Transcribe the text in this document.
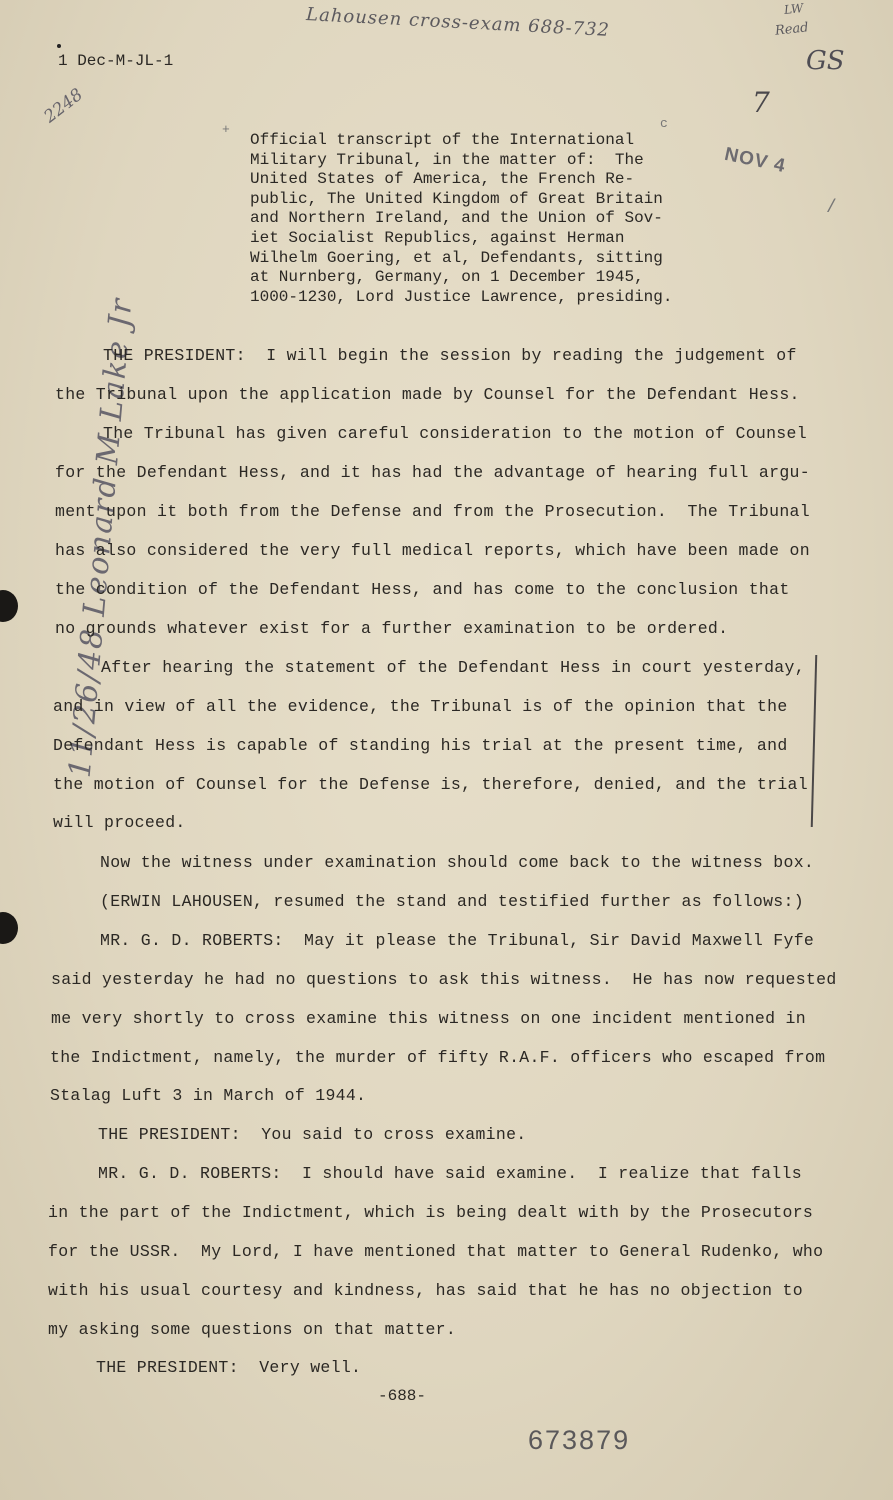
1 Dec-M-JL-1
Lahousen cross-exam 688-732
2248
LW
Read
GS
7
11/26/48 Leonard M Lake Jr
NOV 4
+	c
/
Official transcript of the International
Military Tribunal, in the matter of:  The
United States of America, the French Re-
public, The United Kingdom of Great Britain
and Northern Ireland, and the Union of Sov-
iet Socialist Republics, against Herman
Wilhelm Goering, et al, Defendants, sitting
at Nurnberg, Germany, on 1 December 1945,
1000-1230, Lord Justice Lawrence, presiding.
THE PRESIDENT:  I will begin the session by reading the judgement of
the Tribunal upon the application made by Counsel for the Defendant Hess.
The Tribunal has given careful consideration to the motion of Counsel
for the Defendant Hess, and it has had the advantage of hearing full argu-
ment upon it both from the Defense and from the Prosecution.  The Tribunal
has also considered the very full medical reports, which have been made on
the condition of the Defendant Hess, and has come to the conclusion that
no grounds whatever exist for a further examination to be ordered.
After hearing the statement of the Defendant Hess in court yesterday,
and in view of all the evidence, the Tribunal is of the opinion that the
Defendant Hess is capable of standing his trial at the present time, and
the motion of Counsel for the Defense is, therefore, denied, and the trial
will proceed.
Now the witness under examination should come back to the witness box.
(ERWIN LAHOUSEN, resumed the stand and testified further as follows:)
MR. G. D. ROBERTS:  May it please the Tribunal, Sir David Maxwell Fyfe
said yesterday he had no questions to ask this witness.  He has now requested
me very shortly to cross examine this witness on one incident mentioned in
the Indictment, namely, the murder of fifty R.A.F. officers who escaped from
Stalag Luft 3 in March of 1944.
THE PRESIDENT:  You said to cross examine.
MR. G. D. ROBERTS:  I should have said examine.  I realize that falls
in the part of the Indictment, which is being dealt with by the Prosecutors
for the USSR.  My Lord, I have mentioned that matter to General Rudenko, who
with his usual courtesy and kindness, has said that he has no objection to
my asking some questions on that matter.
THE PRESIDENT:  Very well.
-688-
673879
